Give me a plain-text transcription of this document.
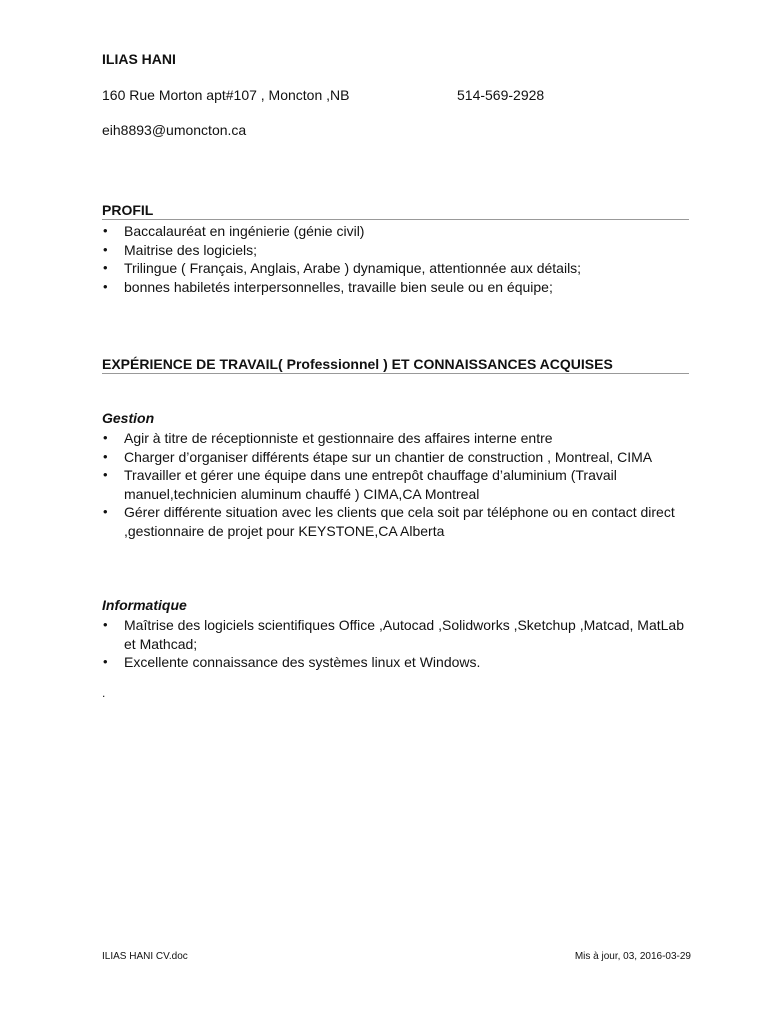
ILIAS HANI
160 Rue Morton apt#107 , Moncton ,NB	514-569-2928
eih8893@umoncton.ca
PROFIL
• Baccalauréat en ingénierie (génie civil)
• Maitrise des logiciels;
• Trilingue ( Français, Anglais, Arabe ) dynamique, attentionnée aux détails;
• bonnes habiletés interpersonnelles, travaille bien seule ou en équipe;
EXPÉRIENCE DE TRAVAIL( Professionnel ) ET CONNAISSANCES ACQUISES
Gestion
• Agir à titre de réceptionniste et gestionnaire des affaires interne entre
• Charger d’organiser différents étape sur un chantier de construction , Montreal, CIMA
• Travailler et gérer une équipe dans une entrepôt chauffage d’aluminium (Travail manuel,technicien aluminum chauffé ) CIMA,CA Montreal
• Gérer différente situation avec les clients que cela soit par téléphone ou en contact direct ,gestionnaire de projet pour KEYSTONE,CA Alberta
Informatique
• Maîtrise des logiciels scientifiques Office ,Autocad ,Solidworks ,Sketchup ,Matcad, MatLab et Mathcad;
• Excellente connaissance des systèmes linux et Windows.
.
ILIAS HANI CV.doc	Mis à jour, 03, 2016-03-29
